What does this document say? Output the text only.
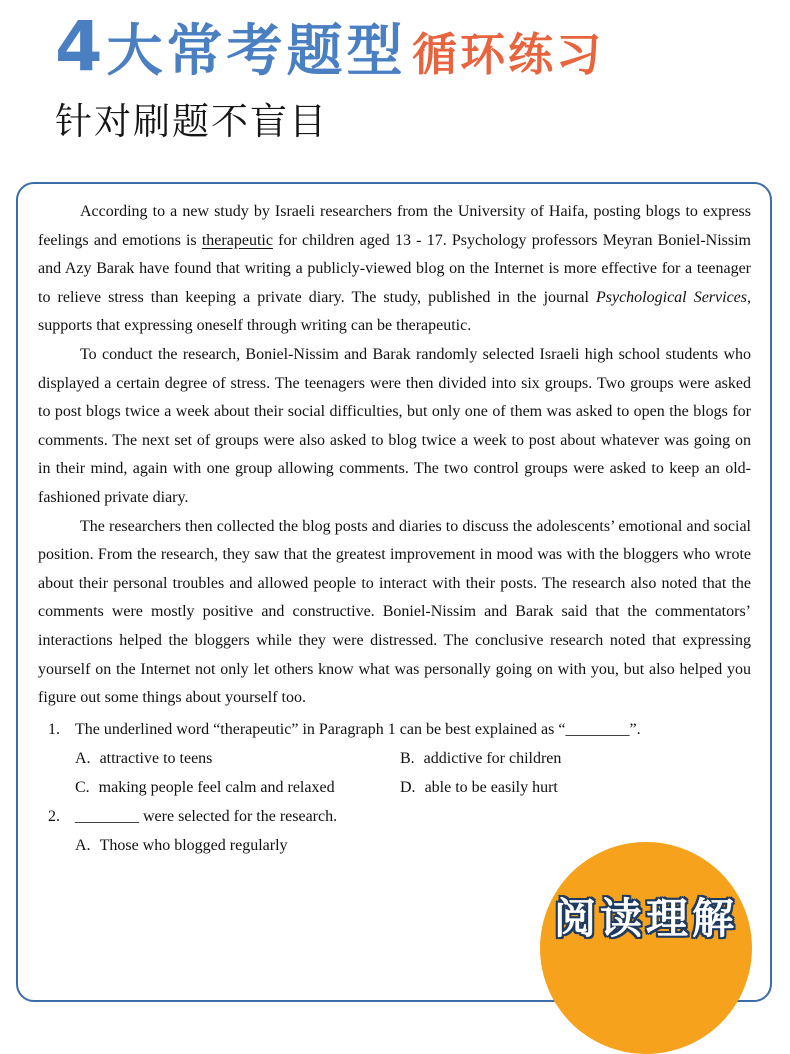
4大常考题型 循环练习
针对刷题不盲目

According to a new study by Israeli researchers from the University of Haifa, posting blogs to express feelings and emotions is therapeutic for children aged 13 - 17. Psychology professors Meyran Boniel-Nissim and Azy Barak have found that writing a publicly-viewed blog on the Internet is more effective for a teenager to relieve stress than keeping a private diary. The study, published in the journal Psychological Services, supports that expressing oneself through writing can be therapeutic.

To conduct the research, Boniel-Nissim and Barak randomly selected Israeli high school students who displayed a certain degree of stress. The teenagers were then divided into six groups. Two groups were asked to post blogs twice a week about their social difficulties, but only one of them was asked to open the blogs for comments. The next set of groups were also asked to blog twice a week to post about whatever was going on in their mind, again with one group allowing comments. The two control groups were asked to keep an old-fashioned private diary.

The researchers then collected the blog posts and diaries to discuss the adolescents’ emotional and social position. From the research, they saw that the greatest improvement in mood was with the bloggers who wrote about their personal troubles and allowed people to interact with their posts. The research also noted that the comments were mostly positive and constructive. Boniel-Nissim and Barak said that the commentators’ interactions helped the bloggers while they were distressed. The conclusive research noted that expressing yourself on the Internet not only let others know what was personally going on with you, but also helped you figure out some things about yourself too.

1. The underlined word “therapeutic” in Paragraph 1 can be best explained as “________”.
A. attractive to teens	B. addictive for children
C. making people feel calm and relaxed	D. able to be easily hurt
2. ________ were selected for the research.
A. Those who blogged regularly
阅读理解
